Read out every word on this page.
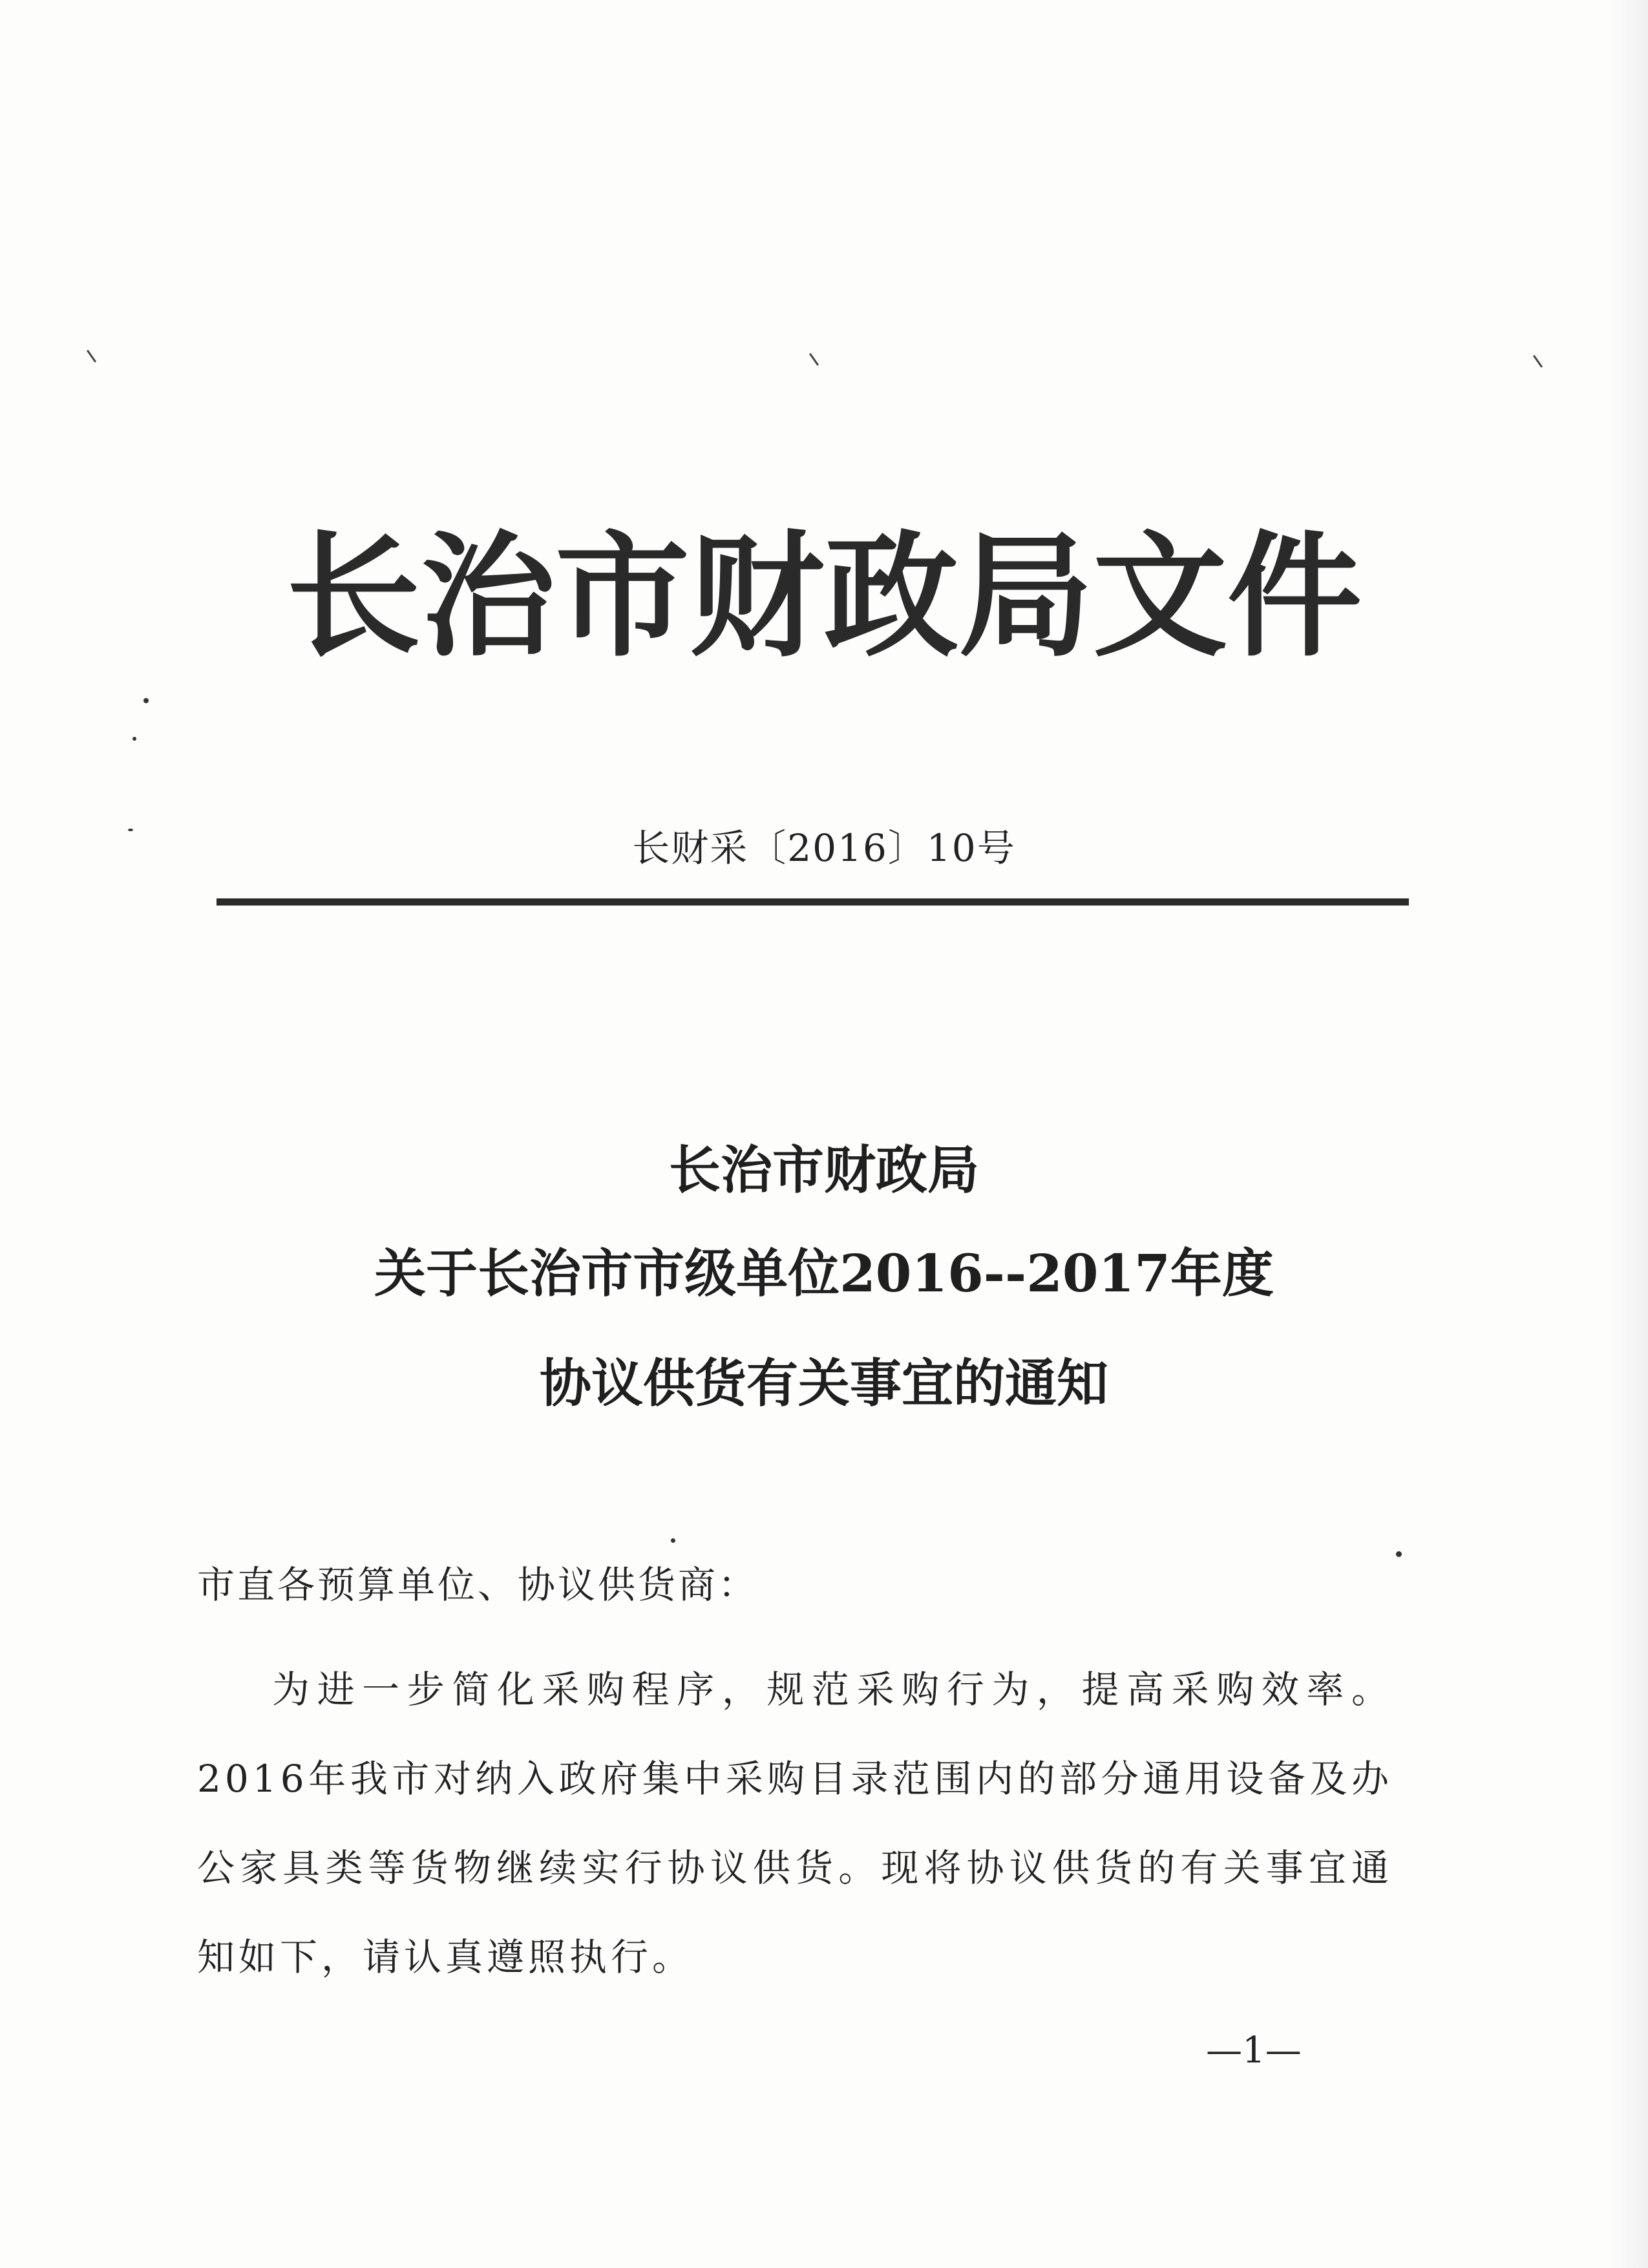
长治市财政局文件
长财采〔2016〕10号
长治市财政局
关于长治市市级单位2016--2017年度
协议供货有关事宜的通知
市直各预算单位、协议供货商：
为进一步简化采购程序，规范采购行为，提高采购效率。2016年我市对纳入政府集中采购目录范围内的部分通用设备及办公家具类等货物继续实行协议供货。现将协议供货的有关事宜通知如下，请认真遵照执行。
—1—
